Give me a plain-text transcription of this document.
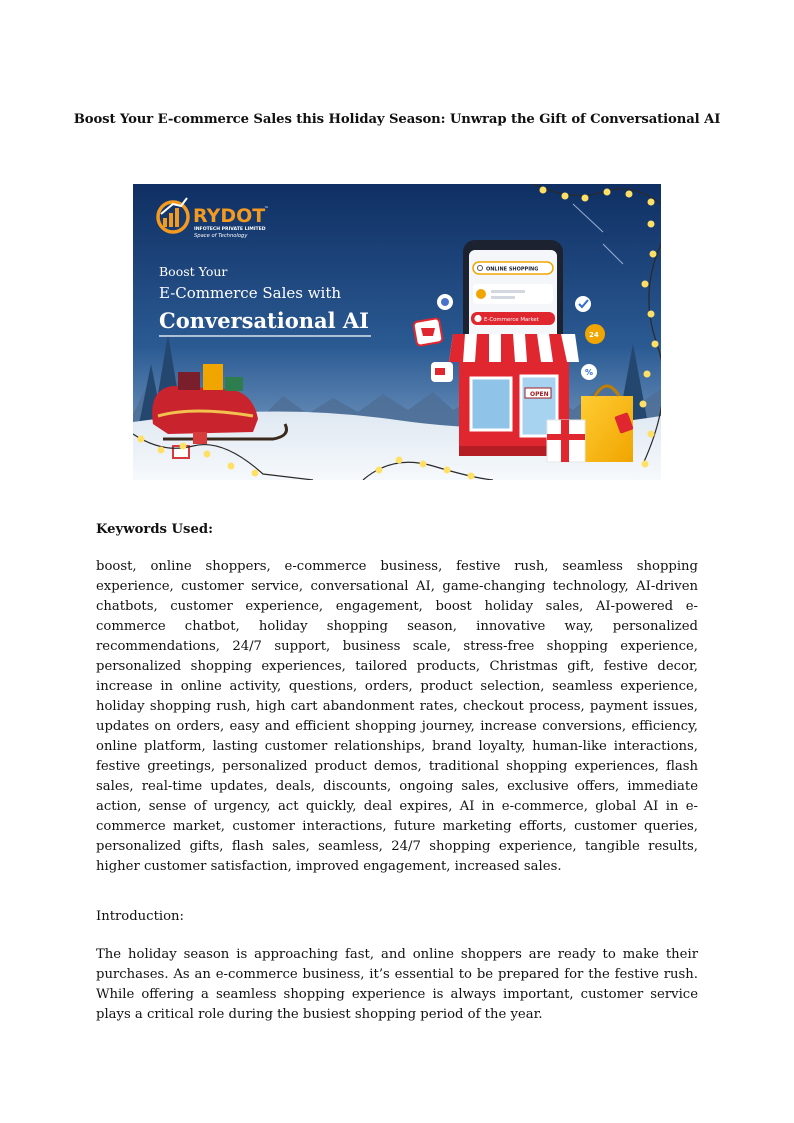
Boost Your E-commerce Sales this Holiday Season: Unwrap the Gift of Conversational AI
RYDOT
™
INFOTECH PRIVATE LIMITED
Space of Technology
Boost Your
E-Commerce Sales with
Conversational AI
ONLINE SHOPPING
E-Commerce Market
OPEN
24
%
Keywords Used:

boost, online shoppers, e-commerce business, festive rush, seamless shopping experience, customer service, conversational AI, game-changing technology, AI-driven chatbots, customer experience, engagement, boost holiday sales, AI-powered e-commerce chatbot, holiday shopping season, innovative way, personalized recommendations, 24/7 support, business scale, stress-free shopping experience, personalized shopping experiences, tailored products, Christmas gift, festive decor, increase in online activity, questions, orders, product selection, seamless experience, holiday shopping rush, high cart abandonment rates, checkout process, payment issues, updates on orders, easy and efficient shopping journey, increase conversions, efficiency, online platform, lasting customer relationships, brand loyalty, human-like interactions, festive greetings, personalized product demos, traditional shopping experiences, flash sales, real-time updates, deals, discounts, ongoing sales, exclusive offers, immediate action, sense of urgency, act quickly, deal expires, AI in e-commerce, global AI in e-commerce market, customer interactions, future marketing efforts, customer queries, personalized gifts, flash sales, seamless, 24/7 shopping experience, tangible results, higher customer satisfaction, improved engagement, increased sales.

Introduction:

The holiday season is approaching fast, and online shoppers are ready to make their purchases. As an e-commerce business, it’s essential to be prepared for the festive rush. While offering a seamless shopping experience is always important, customer service plays a critical role during the busiest shopping period of the year.
